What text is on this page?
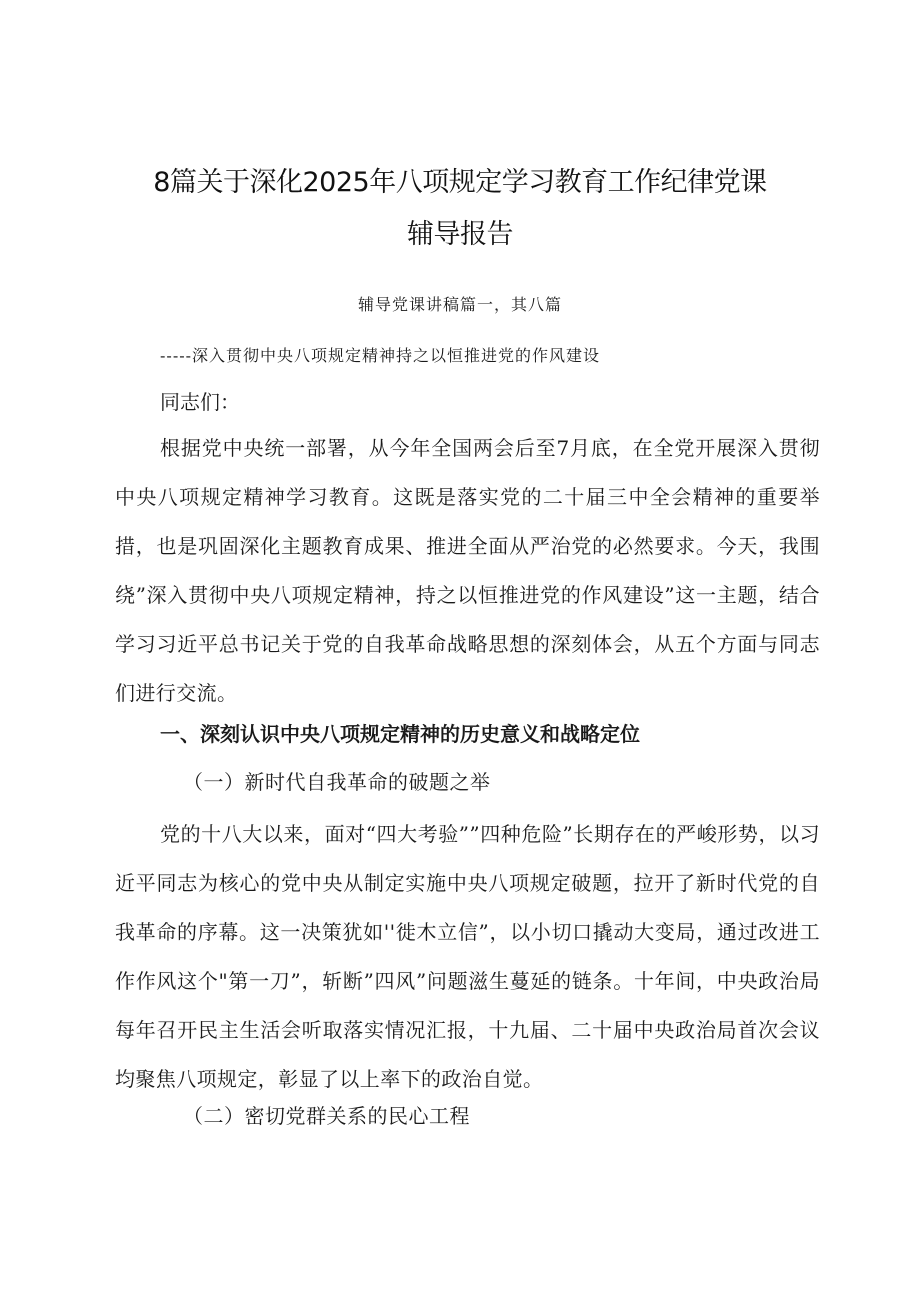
8篇关于深化2025年八项规定学习教育工作纪律党课
辅导报告
辅导党课讲稿篇一，其八篇
-----深入贯彻中央八项规定精神持之以恒推进党的作风建设
同志们：
根据党中央统一部署，从今年全国两会后至7月底，在全党开展深入贯彻中央八项规定精神学习教育。这既是落实党的二十届三中全会精神的重要举措，也是巩固深化主题教育成果、推进全面从严治党的必然要求。今天，我围绕”深入贯彻中央八项规定精神，持之以恒推进党的作风建设”这一主题，结合学习习近平总书记关于党的自我革命战略思想的深刻体会，从五个方面与同志们进行交流。
一、深刻认识中央八项规定精神的历史意义和战略定位
（一）新时代自我革命的破题之举
党的十八大以来，面对“四大考验””四种危险”长期存在的严峻形势，以习近平同志为核心的党中央从制定实施中央八项规定破题，拉开了新时代党的自我革命的序幕。这一决策犹如''徙木立信”，以小切口撬动大变局，通过改进工作作风这个"第一刀”，斩断”四风”问题滋生蔓延的链条。十年间，中央政治局每年召开民主生活会听取落实情况汇报，十九届、二十届中央政治局首次会议均聚焦八项规定，彰显了以上率下的政治自觉。
（二）密切党群关系的民心工程
